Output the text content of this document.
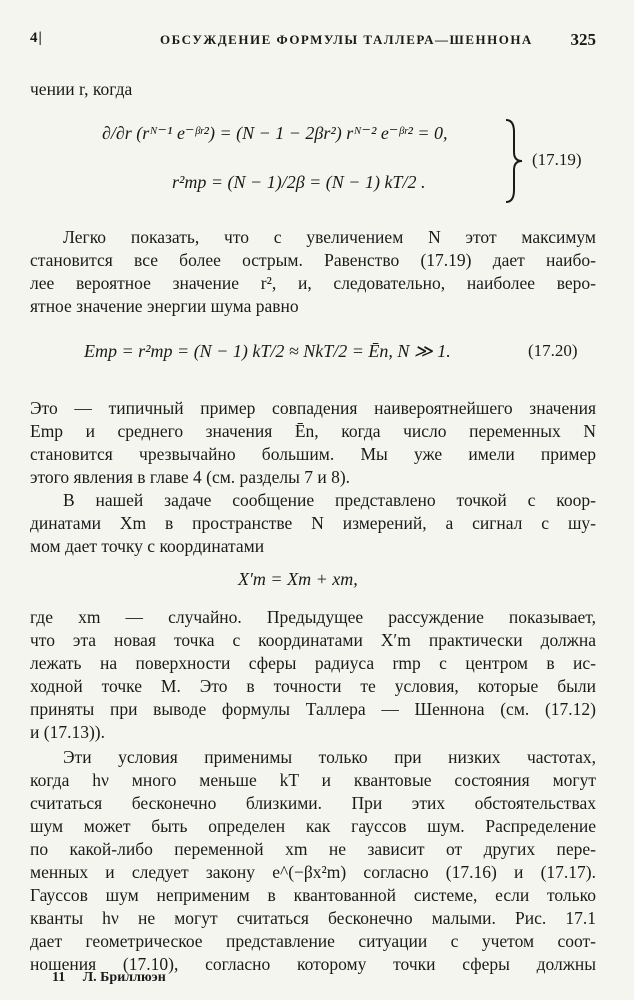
4|	ОБСУЖДЕНИЕ ФОРМУЛЫ ТАЛЛЕРА—ШЕННОНА 325
чении r, когда
∂/∂r (rᴺ⁻¹ e⁻ᵝʳ²) = (N − 1 − 2βr²) rᴺ⁻² e⁻ᵝʳ² = 0,
r²mp = (N − 1)/2β = (N − 1) kT/2 .
(17.19)
Легко показать, что с увеличением N этот максимум
становится все более острым. Равенство (17.19) дает наибо-
лее вероятное значение r², и, следовательно, наиболее веро-
ятное значение энергии шума равно
Emp = r²mp = (N − 1) kT/2 ≈ NkT/2 = Ēn, N ≫ 1.	(17.20)
Это — типичный пример совпадения наивероятнейшего значения
Emp и среднего значения Ēn, когда число переменных N
становится чрезвычайно большим. Мы уже имели пример
этого явления в главе 4 (см. разделы 7 и 8).
В нашей задаче сообщение представлено точкой с коор-
динатами Xm в пространстве N измерений, а сигнал с шу-
мом дает точку с координатами
X′m = Xm + xm,
где xm — случайно. Предыдущее рассуждение показывает,
что эта новая точка с координатами X′m практически должна
лежать на поверхности сферы радиуса rmp с центром в ис-
ходной точке M. Это в точности те условия, которые были
приняты при выводе формулы Таллера — Шеннона (см. (17.12)
и (17.13)).
Эти условия применимы только при низких частотах,
когда hν много меньше kT и квантовые состояния могут
считаться бесконечно близкими. При этих обстоятельствах
шум может быть определен как гауссов шум. Распределение
по какой-либо переменной xm не зависит от других пере-
менных и следует закону e^(−βx²m) согласно (17.16) и (17.17).
Гауссов шум неприменим в квантованной системе, если только
кванты hν не могут считаться бесконечно малыми. Рис. 17.1
дает геометрическое представление ситуации с учетом соот-
ношения (17.10), согласно которому точки сферы должны
11 Л. Бриллюэн
